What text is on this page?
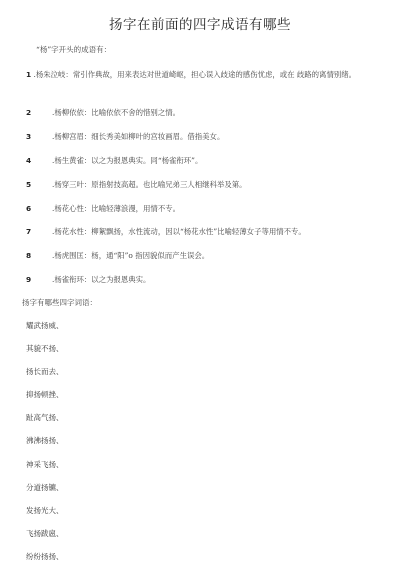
扬字在前面的四字成语有哪些
“杨”字开头的成语有：
1 .杨朱泣岐：常引作典故，用来表达对世道崎岖，担心误入歧途的感伤忧虑，或在 歧路的离情别绪。
2	.杨柳依依：比喻依依不舍的惜别之情。
3	.杨柳宫眉：细长秀美如柳叶的宫妆画眉。借指美女。
4	.杨生黄雀：以之为报恩典实。同“杨雀衔环”。
5	.杨穿三叶：原指射技高超。也比喻兄弟三人相继科举及第。
6	.杨花心性：比喻轻薄浪漫，用情不专。
7	.杨花水性：柳絮飘扬，水性流动，因以“杨花水性”比喻轻薄女子等用情不专。
8	.杨虎围匡：杨，通“阳”o 指因貌似而产生误会。
9	.杨雀衔环：以之为报恩典实。
扬字有哪些四字词语：
耀武扬威、
其貌不扬、
扬长而去、
抑扬顿挫、
趾高气扬、
沸沸扬扬、
神采飞扬、
分道扬镳、
发扬光大、
飞扬跋扈、
纷纷扬扬、
